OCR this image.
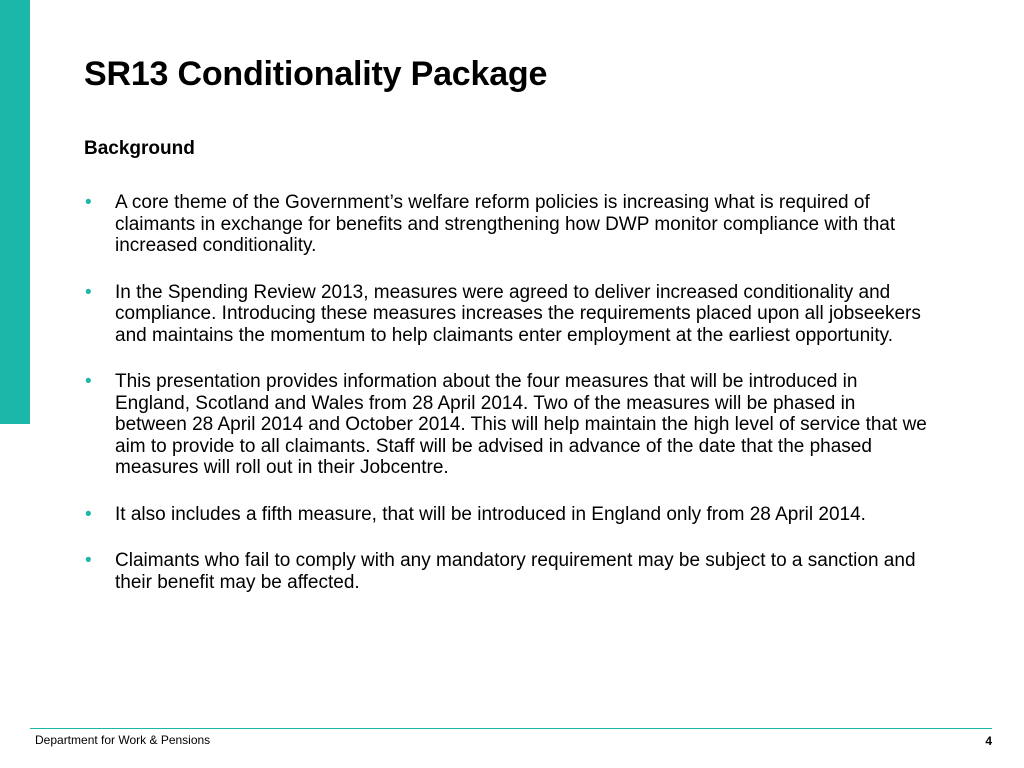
SR13 Conditionality Package
Background
• A core theme of the Government’s welfare reform policies is increasing what is required of claimants in exchange for benefits and strengthening how DWP monitor compliance with that increased conditionality.
• In the Spending Review 2013, measures were agreed to deliver increased conditionality and compliance. Introducing these measures increases the requirements placed upon all jobseekers and maintains the momentum to help claimants enter employment at the earliest opportunity.
• This presentation provides information about the four measures that will be introduced in England, Scotland and Wales from 28 April 2014. Two of the measures will be phased in between 28 April 2014 and October 2014. This will help maintain the high level of service that we aim to provide to all claimants. Staff will be advised in advance of the date that the phased measures will roll out in their Jobcentre.
• It also includes a fifth measure, that will be introduced in England only from 28 April 2014.
• Claimants who fail to comply with any mandatory requirement may be subject to a sanction and their benefit may be affected.
Department for Work & Pensions	4
